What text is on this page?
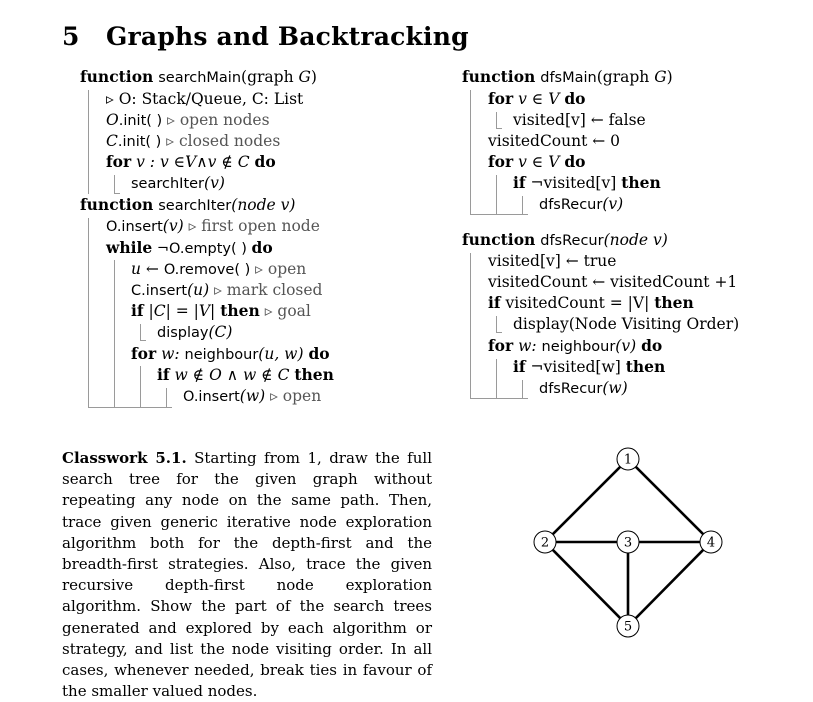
5 Graphs and Backtracking
function searchMain(graph G)
▹ O: Stack/Queue, C: List
O.init( ) ▹ open nodes
C.init( ) ▹ closed nodes
for v : v ∈V∧v ∉ C do
searchIter(v)
function searchIter(node v)
O.insert(v) ▹ first open node
while ¬O.empty( ) do
u ← O.remove( ) ▹ open
C.insert(u) ▹ mark closed
if |C| = |V| then ▹ goal
display(C)
for w: neighbour(u, w) do
if w ∉ O ∧ w ∉ C then
O.insert(w) ▹ open
function dfsMain(graph G)
for v ∈ V do
visited[v] ← false
visitedCount ← 0
for v ∈ V do
if ¬visited[v] then
dfsRecur(v)
function dfsRecur(node v)
visited[v] ← true
visitedCount ← visitedCount +1
if visitedCount = |V| then
display(Node Visiting Order)
for w: neighbour(v) do
if ¬visited[w] then
dfsRecur(w)
Classwork 5.1. Starting from 1, draw the full search tree for the given graph without repeating any node on the same path. Then, trace given generic iterative node exploration algorithm both for the depth-first and the breadth-first strategies. Also, trace the given recursive depth-first node exploration algorithm. Show the part of the search trees generated and explored by each algorithm or strategy, and list the node visiting order. In all cases, whenever needed, break ties in favour of the smaller valued nodes.
1
2	3	4
5
